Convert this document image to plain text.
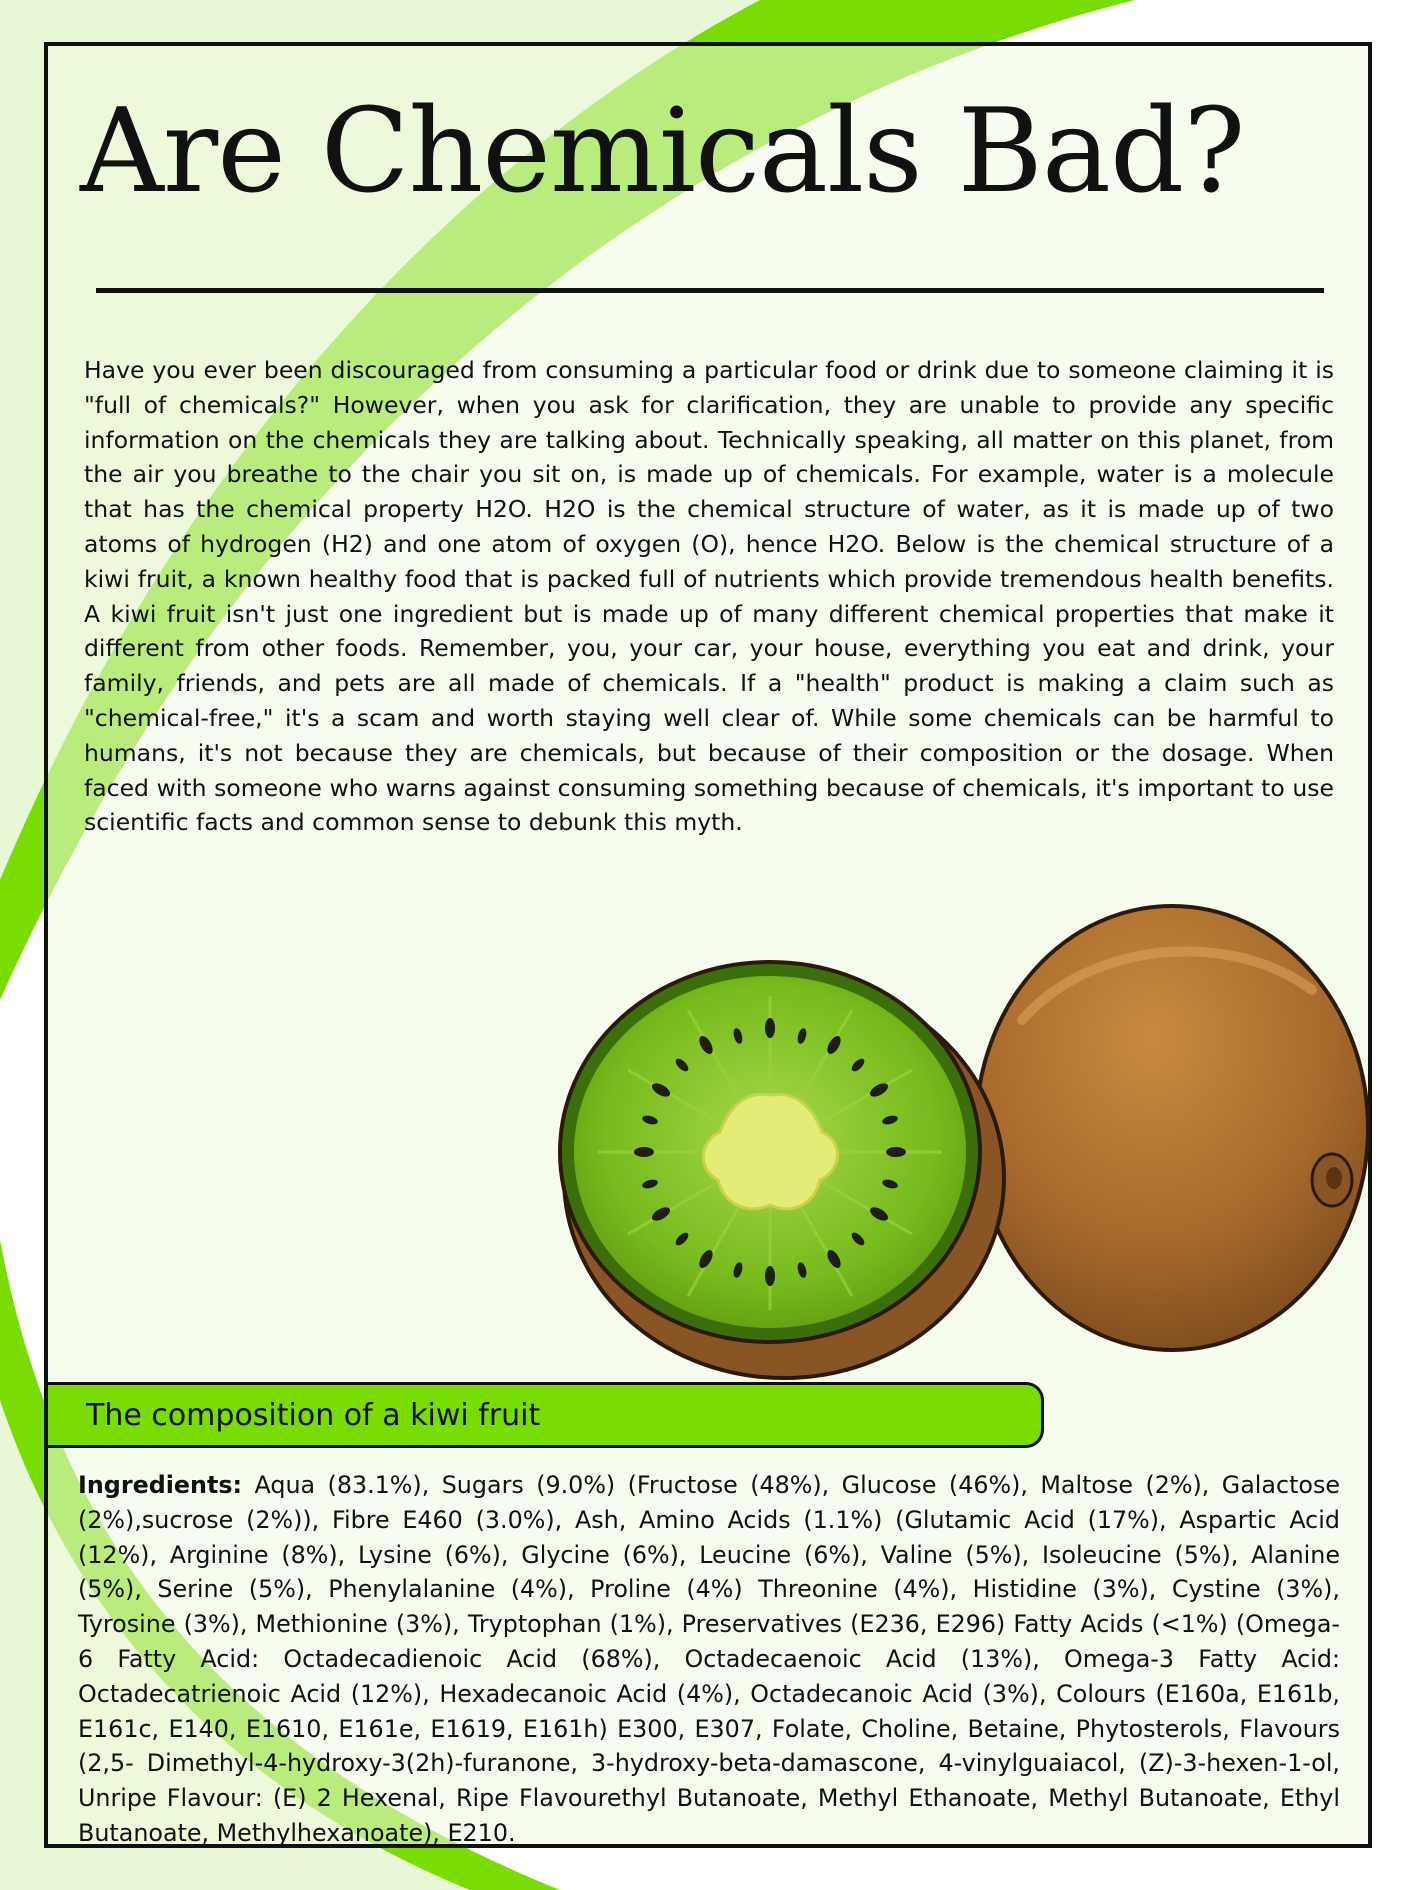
Are Chemicals Bad?

Have you ever been discouraged from consuming a particular food or drink due to someone claiming it is "full of chemicals?" However, when you ask for clarification, they are unable to provide any specific information on the chemicals they are talking about. Technically speaking, all matter on this planet, from the air you breathe to the chair you sit on, is made up of chemicals. For example, water is a molecule that has the chemical property H2O. H2O is the chemical structure of water, as it is made up of two atoms of hydrogen (H2) and one atom of oxygen (O), hence H2O. Below is the chemical structure of a kiwi fruit, a known healthy food that is packed full of nutrients which provide tremendous health benefits. A kiwi fruit isn't just one ingredient but is made up of many different chemical properties that make it different from other foods. Remember, you, your car, your house, everything you eat and drink, your family, friends, and pets are all made of chemicals. If a "health" product is making a claim such as "chemical-free," it's a scam and worth staying well clear of. While some chemicals can be harmful to humans, it's not because they are chemicals, but because of their composition or the dosage. When faced with someone who warns against consuming something because of chemicals, it's important to use scientific facts and common sense to debunk this myth.

The composition of a kiwi fruit

Ingredients: Aqua (83.1%), Sugars (9.0%) (Fructose (48%), Glucose (46%), Maltose (2%), Galactose (2%),sucrose (2%)), Fibre E460 (3.0%), Ash, Amino Acids (1.1%) (Glutamic Acid (17%), Aspartic Acid (12%), Arginine (8%), Lysine (6%), Glycine (6%), Leucine (6%), Valine (5%), Isoleucine (5%), Alanine (5%), Serine (5%), Phenylalanine (4%), Proline (4%) Threonine (4%), Histidine (3%), Cystine (3%), Tyrosine (3%), Methionine (3%), Tryptophan (1%), Preservatives (E236, E296) Fatty Acids (<1%) (Omega-6 Fatty Acid: Octadecadienoic Acid (68%), Octadecaenoic Acid (13%), Omega-3 Fatty Acid: Octadecatrienoic Acid (12%), Hexadecanoic Acid (4%), Octadecanoic Acid (3%), Colours (E160a, E161b, E161c, E140, E1610, E161e, E1619, E161h) E300, E307, Folate, Choline, Betaine, Phytosterols, Flavours (2,5- Dimethyl-4-hydroxy-3(2h)-furanone, 3-hydroxy-beta-damascone, 4-vinylguaiacol, (Z)-3-hexen-1-ol, Unripe Flavour: (E) 2 Hexenal, Ripe Flavourethyl Butanoate, Methyl Ethanoate, Methyl Butanoate, Ethyl Butanoate, Methylhexanoate), E210.
